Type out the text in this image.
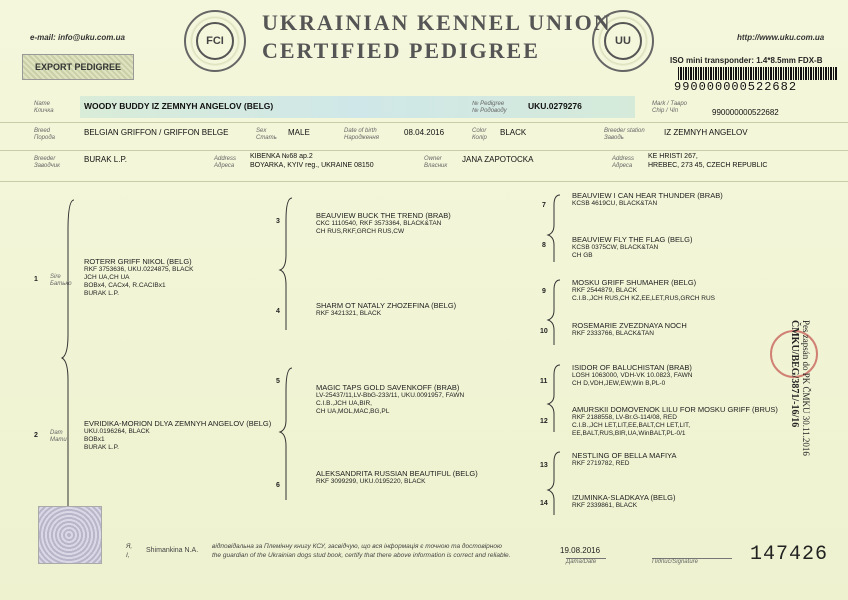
e-mail: info@uku.com.ua	http://www.uku.com.ua
FCI	UU
UKRAINIAN KENNEL UNION
CERTIFIED PEDIGREE
EXPORT PEDIGREE
ISO mini transponder: 1.4*8.5mm FDX-B
990000000522682
Name
Кличка	WOODY BUDDY IZ ZEMNYH ANGELOV (BELG)	№ Pedigree
№ Родоводу	UKU.0279276	Mark / Тавро
Chip / Чіп	990000000522682
Breed
Порода
BELGIAN GRIFFON / GRIFFON BELGE	Sex
Стать
MALE	Date of birth
Народження
08.04.2016	Color
Колір
BLACK	Breeder station
Заводь
IZ ZEMNYH ANGELOV
Breeder
Заводчик
BURAK L.P.	Address
Адреса
KIBENKA №68 ap.2
BOYARKA, KYIV reg., UKRAINE 08150
Owner
Власник
JANA ZAPOTOCKA	Address
Адреса
KE HRISTI 267,
HREBEC, 273 45, CZECH REPUBLIC
1 Sire
Батько
ROTERR GRIFF NIKOL (BELG)
RKF 3753636, UKU.0224875, BLACK
JCH UA,CH UA
BOBx4, CACx4, R.CACIBx1
BURAK L.P.
2 Dam
Мати
EVRIDIKA-MORION DLYA ZEMNYH ANGELOV (BELG)
UKU.0196264, BLACK
BOBx1
BURAK L.P.
3
BEAUVIEW BUCK THE TREND (BRAB)
CKC 1110540, RKF 3573364, BLACK&TAN
CH RUS,RKF,GRCH RUS,CW
4
SHARM OT NATALY ZHOZEFINA (BELG)
RKF 3421321, BLACK
5
MAGIC TAPS GOLD SAVENKOFF (BRAB)
LV-25437/11,LV-BbG-233/11, UKU.0091957, FAWN
C.I.B.,JCH UA,BIR,
CH UA,MOL,MAC,BG,PL
6
ALEKSANDRITA RUSSIAN BEAUTIFUL (BELG)
RKF 3099299, UKU.0195220, BLACK
7
BEAUVIEW I CAN HEAR THUNDER (BRAB)
KCSB 4619CU, BLACK&TAN
8
BEAUVIEW FLY THE FLAG (BELG)
KCSB 0375CW, BLACK&TAN
CH GB
9
MOSKU GRIFF SHUMAHER (BELG)
RKF 2544879, BLACK
C.I.B.,JCH RUS,CH KZ,EE,LET,RUS,GRCH RUS
10
ROSEMARIE ZVEZDNAYA NOCH
RKF 2333766, BLACK&TAN
11
ISIDOR OF BALUCHISTAN (BRAB)
LOSH 1063000, VDH-VK 10.0823, FAWN
CH D,VDH,JEW,EW,Win B,PL-0
12
AMURSKII DOMOVENOK LILU FOR MOSKU GRIFF (BRUS)
RKF 2188558, LV-Br.G-114/08, RED
C.I.B.,JCH LET,LIT,EE,BALT,CH LET,LIT,
EE,BALT,RUS,BIR,UA,WinBALT,PL-0/1
13
NESTLING OF BELLA MAFIYA
RKF 2719782, RED
14
IZUMINKA-SLADKAYA (BELG)
RKF 2339861, BLACK
Pes zapsán do PK ČMKU 30.11.2016
ČMKU/BEG/3871/-16/16
Я,
I,
Shimankina N.A.
відповідальна за Племінну книгу КСУ, засвідчую, що вся інформація є точною та достовірною
the guardian of the Ukrainian dogs stud book, certify that there above information is correct and reliable.
19.08.2016
Дата/Date	Підпис/Signature	147426
